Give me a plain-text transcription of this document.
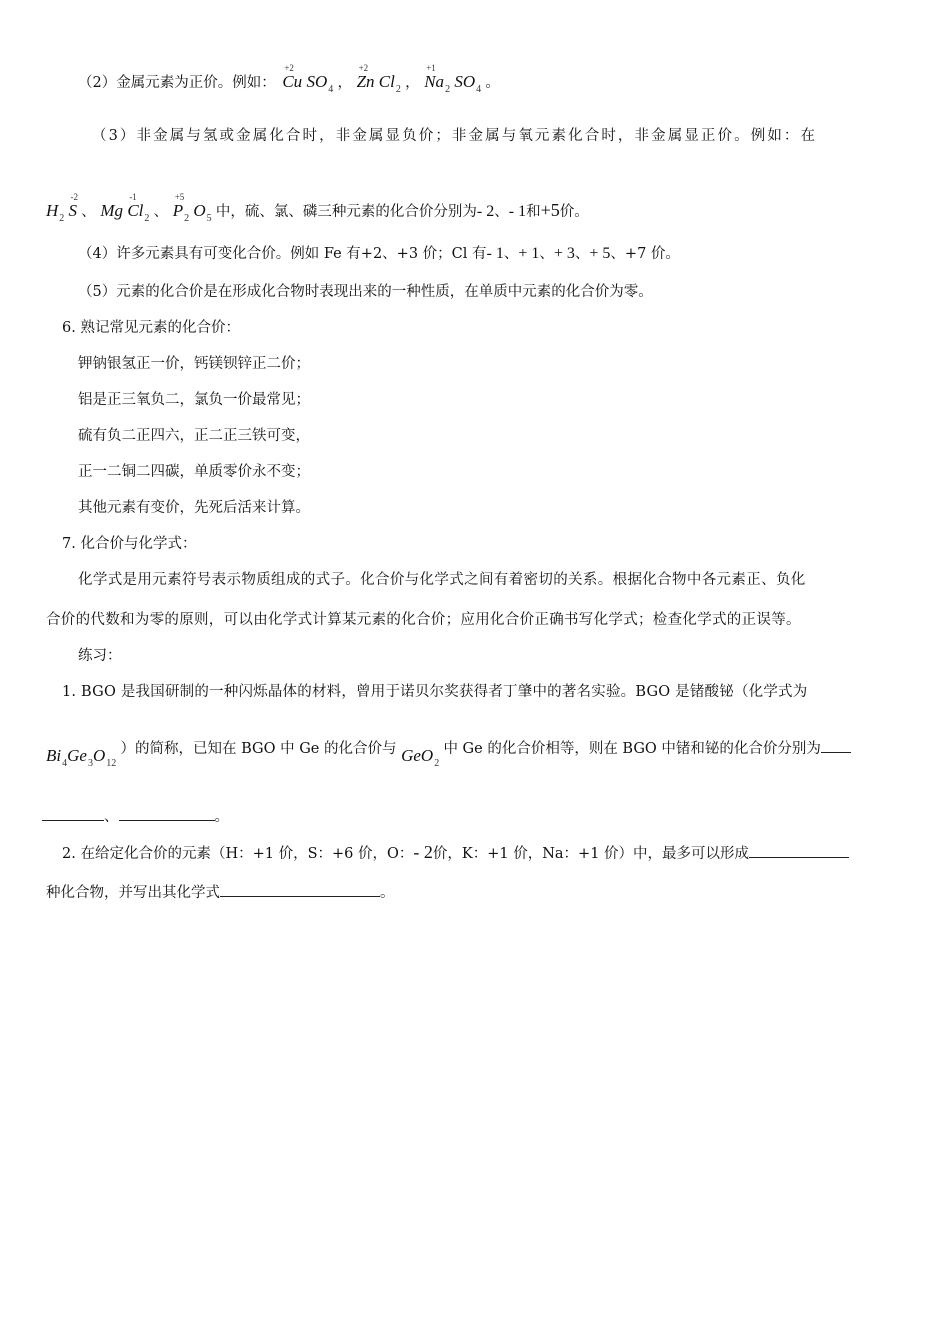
（2）金属元素为正价。例如：
+2
Cu $SO_4$ ，
+2
Zn $Cl_2$ ，
+1
$Na_2$ $SO_4$ 。
（3）非金属与氢或金属化合时，非金属显负价；非金属与氧元素化合时，非金属显正价。例如：在
$H_2$
-2
S 、 Mg
-1
$Cl_2$ 、
+5
$P_2$ $O_5$ 中，硫、氯、磷三种元素的化合价分别为- 2、- 1和+5价。
（4）许多元素具有可变化合价。例如 Fe 有+2、+3 价；Cl 有- 1、+ 1、+ 3、+ 5、+7 价。
（5）元素的化合价是在形成化合物时表现出来的一种性质，在单质中元素的化合价为零。
6. 熟记常见元素的化合价：
钾钠银氢正一价，钙镁钡锌正二价；
铝是正三氧负二，氯负一价最常见；
硫有负二正四六，正二正三铁可变，
正一二铜二四碳，单质零价永不变；
其他元素有变价，先死后活来计算。
7. 化合价与化学式：
化学式是用元素符号表示物质组成的式子。化合价与化学式之间有着密切的关系。根据化合物中各元素正、负化
合价的代数和为零的原则，可以由化学式计算某元素的化合价；应用化合价正确书写化学式；检查化学式的正误等。
练习：
1. BGO 是我国研制的一种闪烁晶体的材料，曾用于诺贝尔奖获得者丁肇中的著名实验。BGO 是锗酸铋（化学式为
$Bi_4Ge_3O_{12}$ ）的简称，已知在 BGO 中 Ge 的化合价与 GeO$_2$ 中 Ge 的化合价相等，则在 BGO 中锗和铋的化合价分别为
、	。
2. 在给定化合价的元素（H：+1 价，S：+6 价，O：- 2价，K：+1 价，Na：+1 价）中，最多可以形成
种化合物，并写出其化学式	。
